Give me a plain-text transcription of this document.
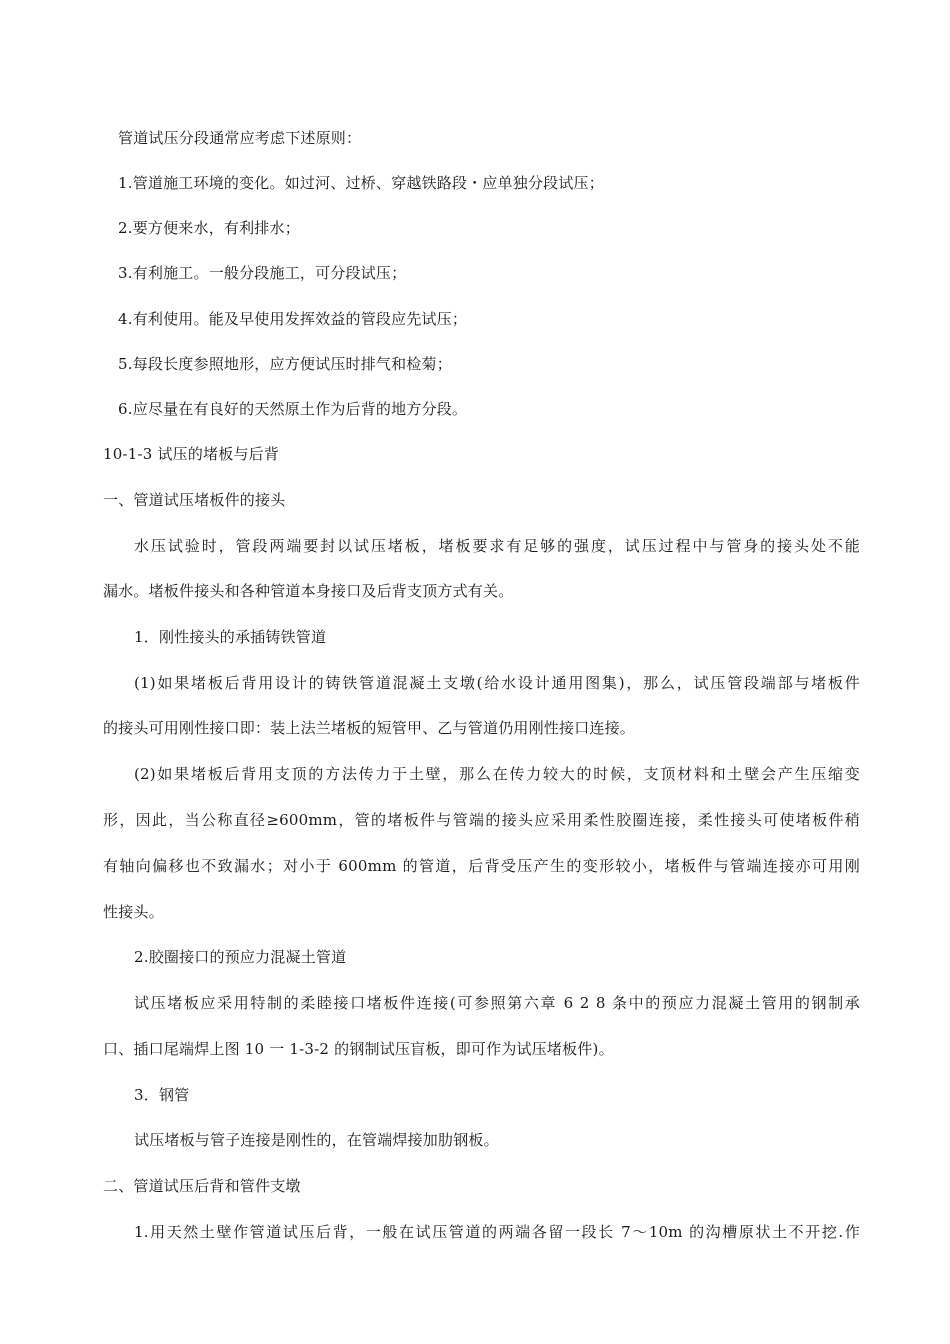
管道试压分段通常应考虑下述原则：
1.管道施工环境的变化。如过河、过桥、穿越铁路段・应单独分段试压；
2.要方便来水，有利排水；
3.有利施工。一般分段施工，可分段试压；
4.有利使用。能及早使用发挥效益的管段应先试压；
5.每段长度参照地形，应方便试压时排气和检菊；
6.应尽量在有良好的天然原土作为后背的地方分段。
10-1-3 试压的堵板与后背
一、管道试压堵板件的接头
水压试验时，管段两端要封以试压堵板，堵板要求有足够的强度，试压过程中与管身的接头处不能
漏水。堵板件接头和各种管道本身接口及后背支顶方式有关。
1．刚性接头的承插铸铁管道
(1)如果堵板后背用设计的铸铁管道混凝土支墩(给水设计通用图集)，那么，试压管段端部与堵板件
的接头可用刚性接口即：装上法兰堵板的短管甲、乙与管道仍用刚性接口连接。
(2)如果堵板后背用支顶的方法传力于土壁，那么在传力较大的时候，支顶材料和土壁会产生压缩变
形，因此，当公称直径≥600mm，管的堵板件与管端的接头应采用柔性胶圈连接，柔性接头可使堵板件稍
有轴向偏移也不致漏水；对小于 600mm 的管道，后背受压产生的变形较小，堵板件与管端连接亦可用刚
性接头。
2.胶圈接口的预应力混凝土管道
试压堵板应采用特制的柔睦接口堵板件连接(可参照第六章 6 2 8 条中的预应力混凝土管用的钢制承
口、插口尾端焊上图 10 一 1-3-2 的钢制试压盲板，即可作为试压堵板件)。
3．钢管
试压堵板与管子连接是刚性的，在管端焊接加肋钢板。
二、管道试压后背和管件支墩
1.用天然土壁作管道试压后背，一般在试压管道的两端各留一段长 7～10m 的沟槽原状土不开挖.作
